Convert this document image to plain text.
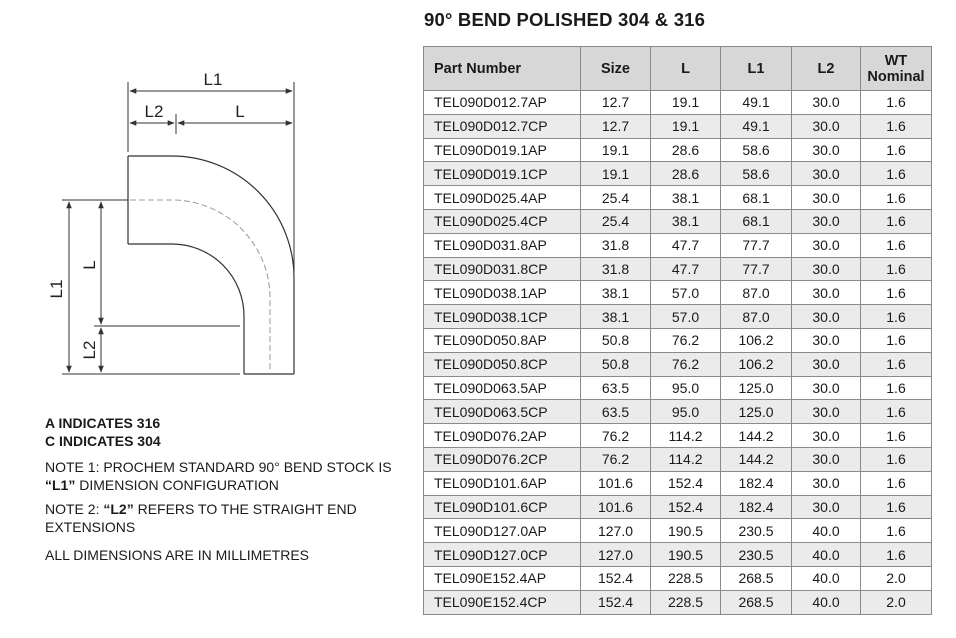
L1
L2	L
L1
L
L2
A INDICATES 316
C INDICATES 304

NOTE 1: PROCHEM STANDARD 90° BEND STOCK IS “L1” DIMENSION CONFIGURATION

NOTE 2: “L2” REFERS TO THE STRAIGHT END EXTENSIONS

ALL DIMENSIONS ARE IN MILLIMETRES

90° BEND POLISHED 304 & 316
Part Number	Size	L	L1	L2	WT
Nominal
TEL090D012.7AP	12.7	19.1	49.1	30.0	1.6
TEL090D012.7CP	12.7	19.1	49.1	30.0	1.6
TEL090D019.1AP	19.1	28.6	58.6	30.0	1.6
TEL090D019.1CP	19.1	28.6	58.6	30.0	1.6
TEL090D025.4AP	25.4	38.1	68.1	30.0	1.6
TEL090D025.4CP	25.4	38.1	68.1	30.0	1.6
TEL090D031.8AP	31.8	47.7	77.7	30.0	1.6
TEL090D031.8CP	31.8	47.7	77.7	30.0	1.6
TEL090D038.1AP	38.1	57.0	87.0	30.0	1.6
TEL090D038.1CP	38.1	57.0	87.0	30.0	1.6
TEL090D050.8AP	50.8	76.2	106.2	30.0	1.6
TEL090D050.8CP	50.8	76.2	106.2	30.0	1.6
TEL090D063.5AP	63.5	95.0	125.0	30.0	1.6
TEL090D063.5CP	63.5	95.0	125.0	30.0	1.6
TEL090D076.2AP	76.2	114.2	144.2	30.0	1.6
TEL090D076.2CP	76.2	114.2	144.2	30.0	1.6
TEL090D101.6AP	101.6	152.4	182.4	30.0	1.6
TEL090D101.6CP	101.6	152.4	182.4	30.0	1.6
TEL090D127.0AP	127.0	190.5	230.5	40.0	1.6
TEL090D127.0CP	127.0	190.5	230.5	40.0	1.6
TEL090E152.4AP	152.4	228.5	268.5	40.0	2.0
TEL090E152.4CP	152.4	228.5	268.5	40.0	2.0
